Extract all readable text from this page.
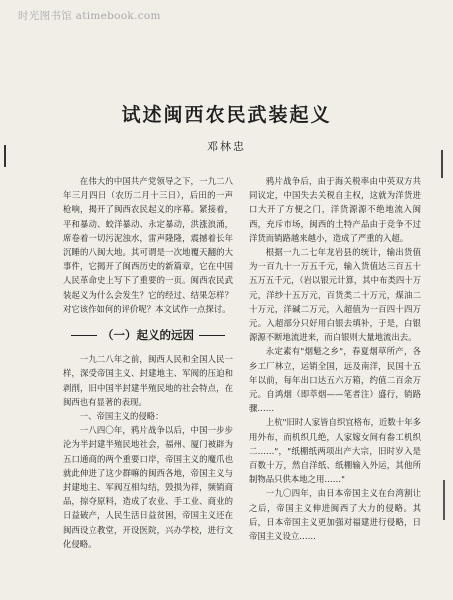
时光图书馆 atimebook.com
试述闽西农民武装起义
邓林忠

在伟大的中国共产党领导之下，一九二八年三月四日（农历二月十三日），后田的一声枪响，揭开了闽西农民起义的序幕。紧接着，平和暴动、蛟洋暴动、永定暴动，洪涨浪涌，席卷着一切污泥浊水，雷声隆隆，震撼着长年沉睡的八闽大地。其可谓是一次地覆天翻的大事件，它揭开了闽西历史的新篇章，它在中国人民革命史上写下了重要的一页。闽西农民武装起义为什么会发生？它的经过、结果怎样？对它该作如何的评价呢？本文试作一点探讨。

（一）起义的远因

一九二八年之前，闽西人民和全国人民一样，深受帝国主义、封建地主、军阀的压迫和剥削，旧中国半封建半殖民地的社会特点，在闽西也有显著的表现。

一、帝国主义的侵略：

一八四〇年，鸦片战争以后，中国一步步沦为半封建半殖民地社会，福州、厦门被辟为五口通商的两个重要口岸，帝国主义的魔爪也就此伸进了这少群嘛的闽西各地，帝国主义与封建地主、军阀互相勾结，毁损为祥，频销商品，掠夺原料，造成了农业、手工业、商业的日益破产，人民生活日益贫困，帝国主义还在闽西设立教堂，开设医院，兴办学校，进行文化侵略。

鸦片战争后，由于海关税率由中英双方共同议定，中国失去关税自主权，这就为洋货进口大开了方便之门，洋货源源不绝地流入闽西，充斥市场，闽西的土特产品由于竞争不过洋货而销路越来越小，造成了严重的入超。

根据一九二七年龙岩县的统计，输出货值为一百九十一万五千元，输入货值达三百五十五万五千元，（岩以银元计算，其中布类四十万元，洋纱十五万元，百货类二十万元，煤油二十万元，洋碱二万元，入超值为一百四十四万元。入超部分只好用白银去填补，于是，白银源源不断地流进来，而白银则大量地流出去。

永定素有"烟魁之乡"，春夏烟草所产，各乡工厂林立，运销全国，远及南洋，民国十五年以前，每年出口达五六万箱，约值二百余万元。自鸿烟（即萃烟——笔者注）盛行，销路骤……

上杭"旧时人家皆自织宜格布，近数十年多用外布，而机织几绝，人家嫁女间有畚工机织二……"，"纸棚纸两项出产大宗，旧时岁入是百数十万，然自洋纸、纸棚输入外运，其他所制物品只供本地之用……"

一九〇四年，由日本帝国主义在台湾割让之后，帝国主义伸进闽西了大力的侵略。其后，日本帝国主义更加强对福建进行侵略，日帝国主义设立……
